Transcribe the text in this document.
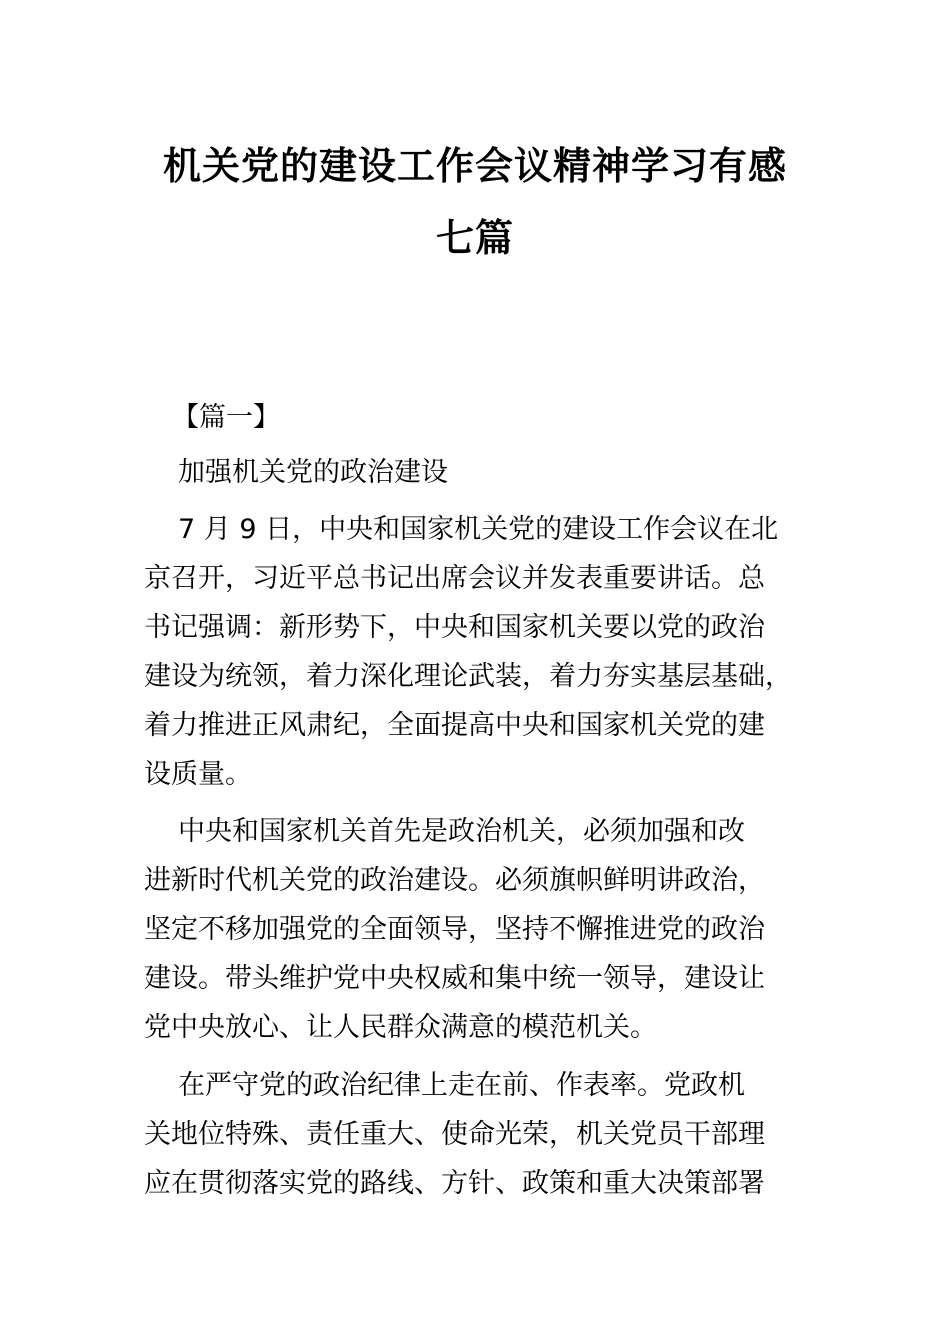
机关党的建设工作会议精神学习有感
七篇
【篇一】
加强机关党的政治建设
7 月 9 日，中央和国家机关党的建设工作会议在北
京召开，习近平总书记出席会议并发表重要讲话。总
书记强调：新形势下，中央和国家机关要以党的政治
建设为统领，着力深化理论武装，着力夯实基层基础，
着力推进正风肃纪，全面提高中央和国家机关党的建
设质量。
中央和国家机关首先是政治机关，必须加强和改
进新时代机关党的政治建设。必须旗帜鲜明讲政治，
坚定不移加强党的全面领导，坚持不懈推进党的政治
建设。带头维护党中央权威和集中统一领导，建设让
党中央放心、让人民群众满意的模范机关。
在严守党的政治纪律上走在前、作表率。党政机
关地位特殊、责任重大、使命光荣，机关党员干部理
应在贯彻落实党的路线、方针、政策和重大决策部署
